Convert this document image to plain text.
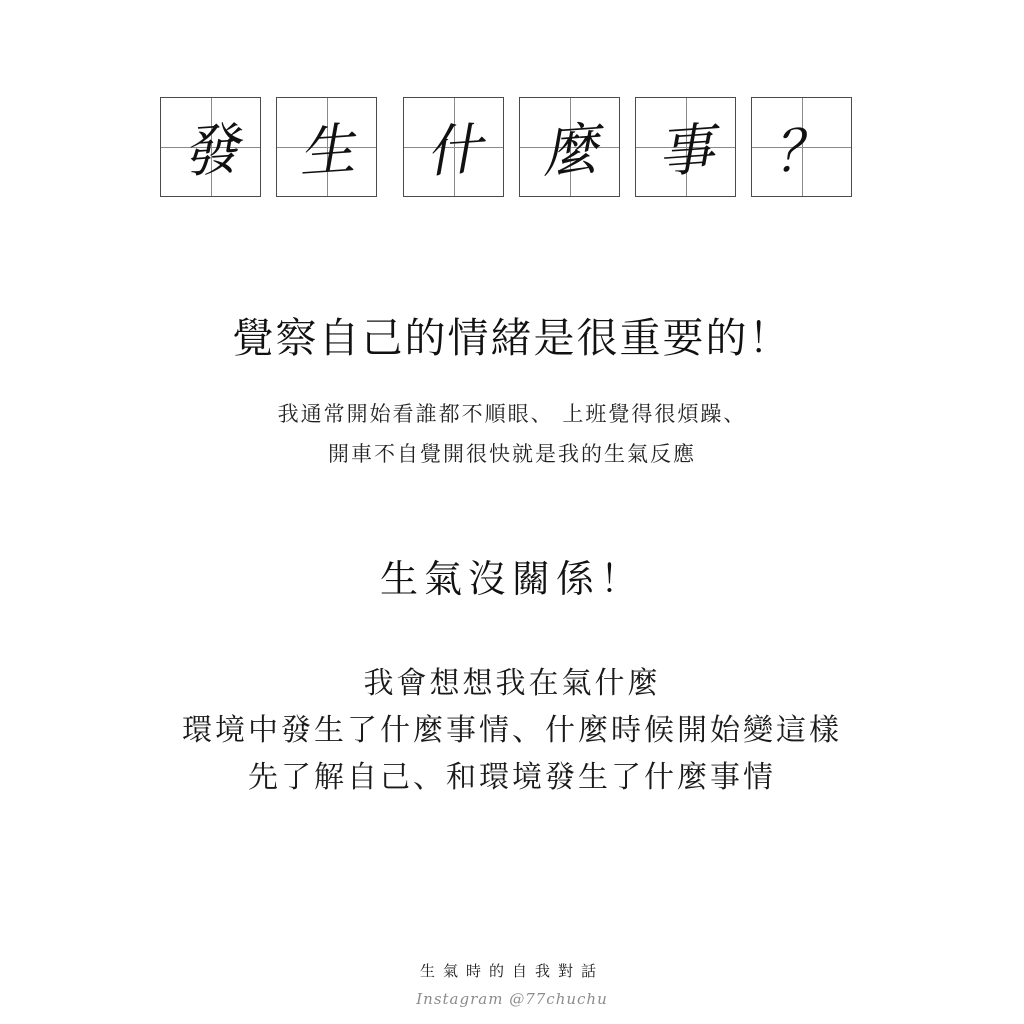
發 生	什 麼 事 ？
覺察自己的情緒是很重要的！
我通常開始看誰都不順眼、 上班覺得很煩躁、
開車不自覺開很快就是我的生氣反應
生氣沒關係！
我會想想我在氣什麼
環境中發生了什麼事情、什麼時候開始變這樣
先了解自己、和環境發生了什麼事情
生氣時的自我對話
Instagram @77chuchu
